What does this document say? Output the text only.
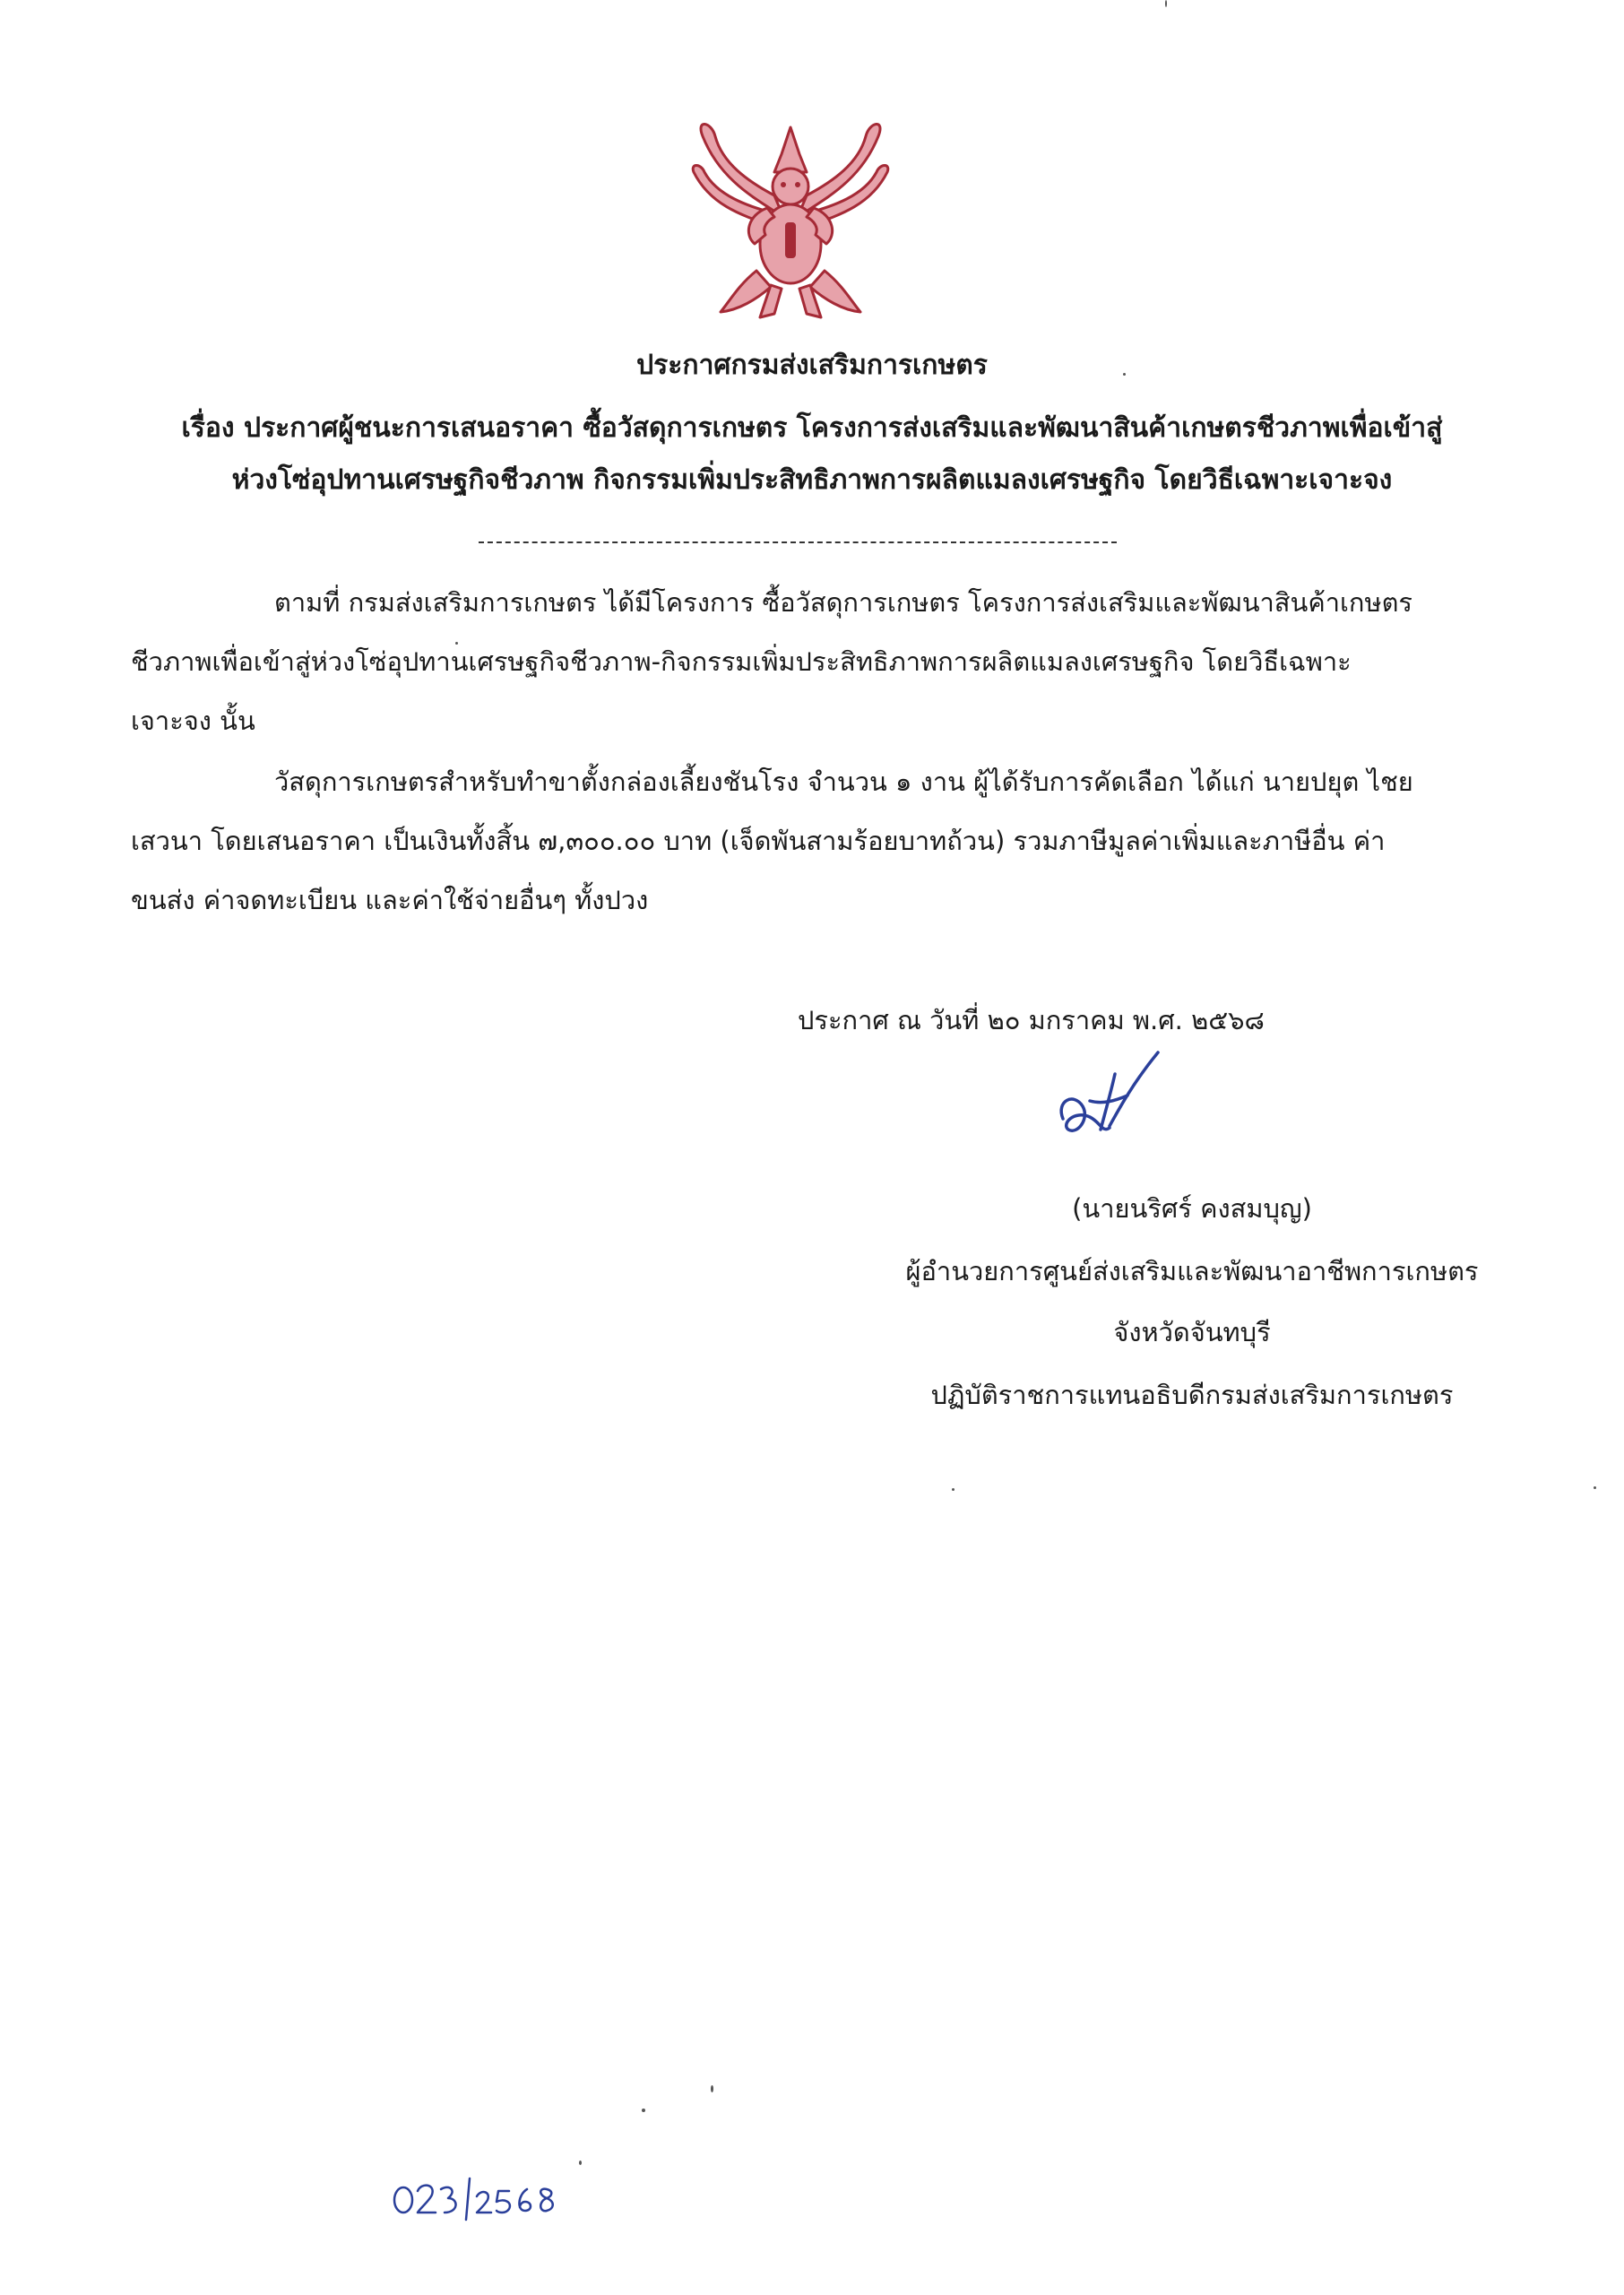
ประกาศกรมส่งเสริมการเกษตร
เรื่อง ประกาศผู้ชนะการเสนอราคา ซื้อวัสดุการเกษตร โครงการส่งเสริมและพัฒนาสินค้าเกษตรชีวภาพเพื่อเข้าสู่
ห่วงโซ่อุปทานเศรษฐกิจชีวภาพ กิจกรรมเพิ่มประสิทธิภาพการผลิตแมลงเศรษฐกิจ โดยวิธีเฉพาะเจาะจง
ตามที่ กรมส่งเสริมการเกษตร ได้มีโครงการ ซื้อวัสดุการเกษตร โครงการส่งเสริมและพัฒนาสินค้าเกษตร
ชีวภาพเพื่อเข้าสู่ห่วงโซ่อุปทานเศรษฐกิจชีวภาพ-กิจกรรมเพิ่มประสิทธิภาพการผลิตแมลงเศรษฐกิจ โดยวิธีเฉพาะ
เจาะจง นั้น
วัสดุการเกษตรสำหรับทำขาตั้งกล่องเลี้ยงชันโรง จำนวน ๑ งาน ผู้ได้รับการคัดเลือก ได้แก่ นายปยุต ไชย
เสวนา โดยเสนอราคา เป็นเงินทั้งสิ้น ๗,๓๐๐.๐๐ บาท (เจ็ดพันสามร้อยบาทถ้วน) รวมภาษีมูลค่าเพิ่มและภาษีอื่น ค่า
ขนส่ง ค่าจดทะเบียน และค่าใช้จ่ายอื่นๆ ทั้งปวง
ประกาศ ณ วันที่ ๒๐ มกราคม พ.ศ. ๒๕๖๘
(นายนริศร์ คงสมบุญ)
ผู้อำนวยการศูนย์ส่งเสริมและพัฒนาอาชีพการเกษตร
จังหวัดจันทบุรี
ปฏิบัติราชการแทนอธิบดีกรมส่งเสริมการเกษตร
